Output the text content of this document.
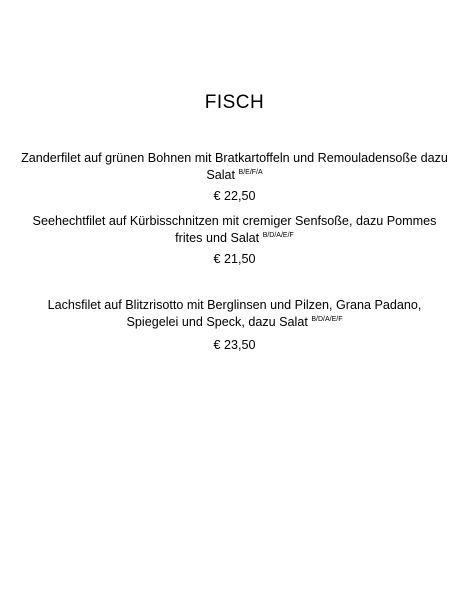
FISCH
Zanderfilet auf grünen Bohnen mit Bratkartoffeln und Remouladensoße dazu Salat $^{B/E/F/A}$
€ 22,50
Seehechtfilet auf Kürbisschnitzen mit cremiger Senfsoße, dazu Pommes frites und Salat $^{B/D/A/E/F}$
€ 21,50
Lachsfilet auf Blitzrisotto mit Berglinsen und Pilzen, Grana Padano, Spiegelei und Speck, dazu Salat $^{B/D/A/E/F}$
€ 23,50
